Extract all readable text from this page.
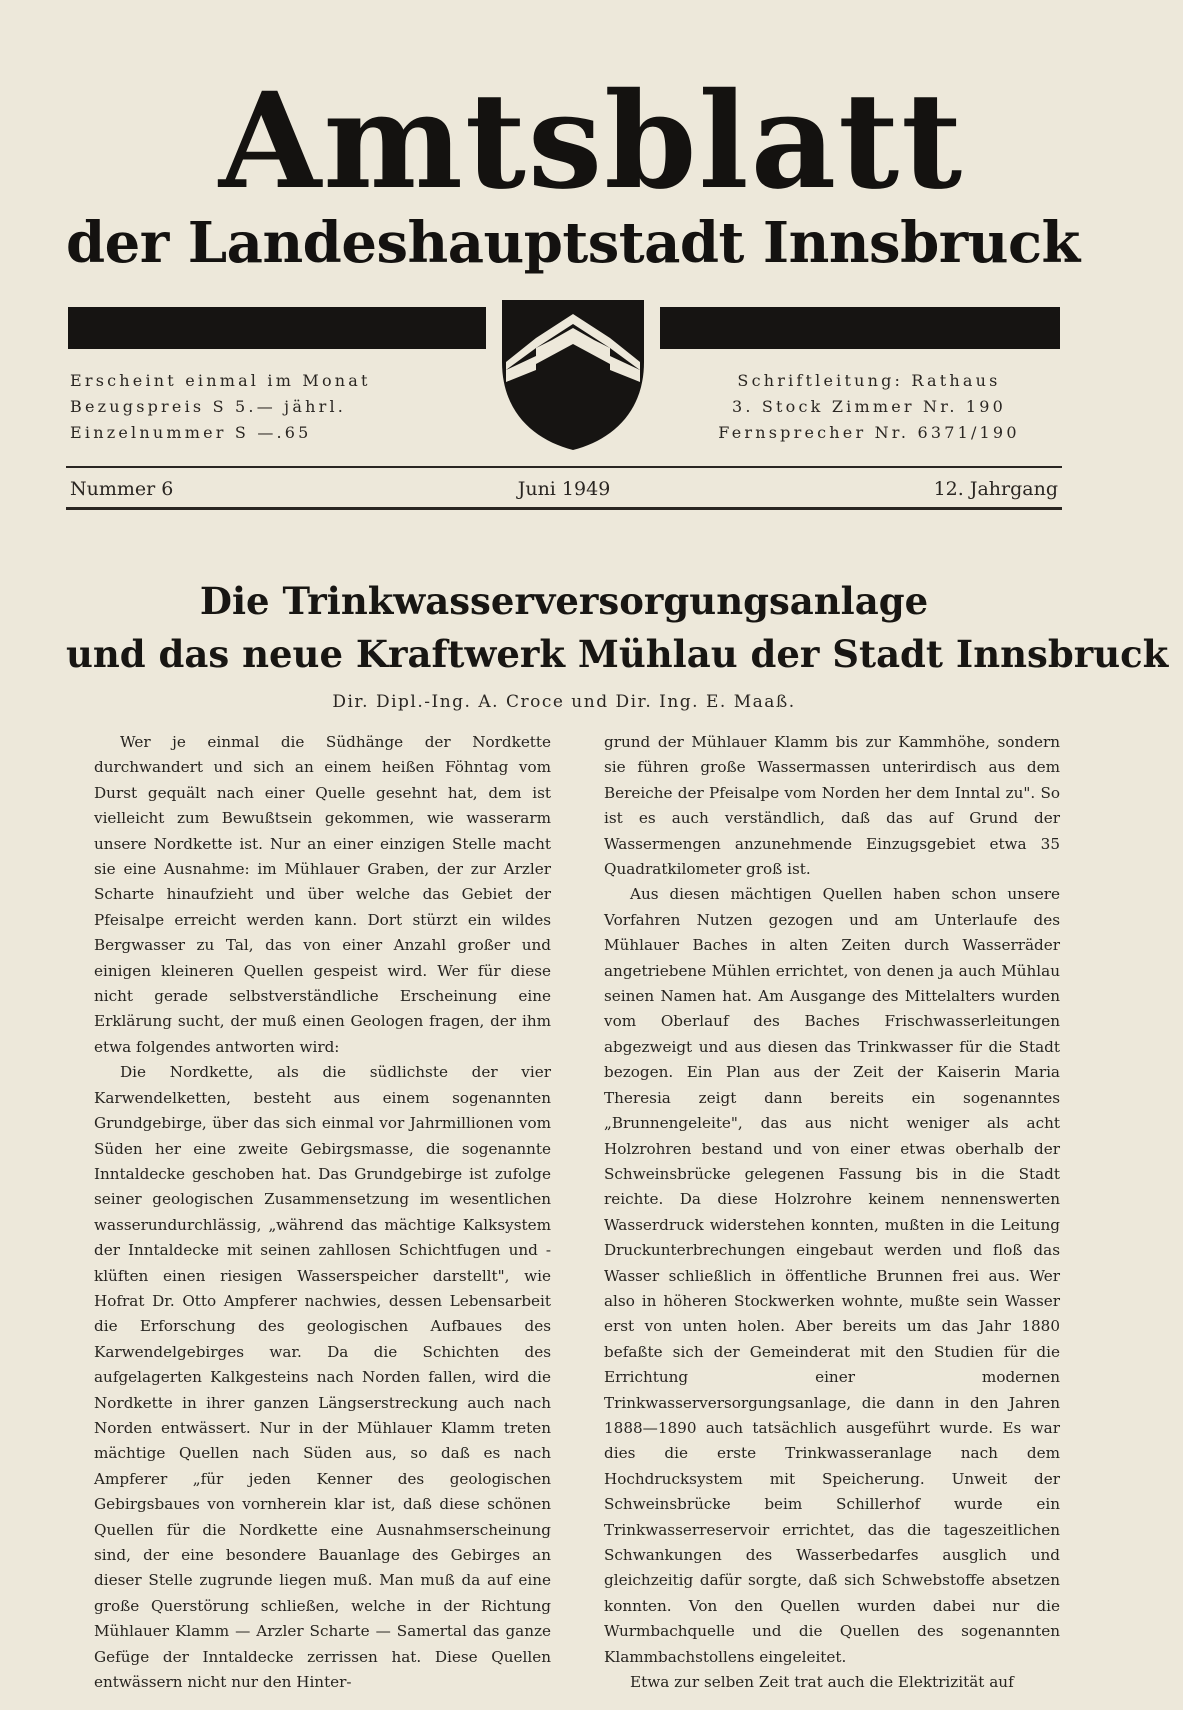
Amtsblatt
der Landeshauptstadt Innsbruck
Erscheint einmal im Monat
Bezugspreis S 5.— jährl.
Einzelnummer S —.65
Schriftleitung: Rathaus
3. Stock Zimmer Nr. 190
Fernsprecher Nr. 6371/190
Nummer 6	Juni 1949	12. Jahrgang
Die Trinkwasserversorgungsanlage
und das neue Kraftwerk Mühlau der Stadt Innsbruck
Dir. Dipl.-Ing. A. Croce und Dir. Ing. E. Maaß.

Wer je einmal die Südhänge der Nordkette durchwandert und sich an einem heißen Föhntag vom Durst gequält nach einer Quelle gesehnt hat, dem ist vielleicht zum Bewußtsein gekommen, wie wasserarm unsere Nordkette ist. Nur an einer einzigen Stelle macht sie eine Ausnahme: im Mühlauer Graben, der zur Arzler Scharte hinaufzieht und über welche das Gebiet der Pfeisalpe erreicht werden kann. Dort stürzt ein wildes Bergwasser zu Tal, das von einer Anzahl großer und einigen kleineren Quellen gespeist wird. Wer für diese nicht gerade selbstverständliche Erscheinung eine Erklärung sucht, der muß einen Geologen fragen, der ihm etwa folgendes antworten wird:

Die Nordkette, als die südlichste der vier Karwendelketten, besteht aus einem sogenannten Grundgebirge, über das sich einmal vor Jahrmillionen vom Süden her eine zweite Gebirgsmasse, die sogenannte Inntaldecke geschoben hat. Das Grundgebirge ist zufolge seiner geologischen Zusammensetzung im wesentlichen wasserundurchlässig, „während das mächtige Kalksystem der Inntaldecke mit seinen zahllosen Schichtfugen und -klüften einen riesigen Wasserspeicher darstellt", wie Hofrat Dr. Otto Ampferer nachwies, dessen Lebensarbeit die Erforschung des geologischen Aufbaues des Karwendelgebirges war. Da die Schichten des aufgelagerten Kalkgesteins nach Norden fallen, wird die Nordkette in ihrer ganzen Längserstreckung auch nach Norden entwässert. Nur in der Mühlauer Klamm treten mächtige Quellen nach Süden aus, so daß es nach Ampferer „für jeden Kenner des geologischen Gebirgsbaues von vornherein klar ist, daß diese schönen Quellen für die Nordkette eine Ausnahmserscheinung sind, der eine besondere Bauanlage des Gebirges an dieser Stelle zugrunde liegen muß. Man muß da auf eine große Querstörung schließen, welche in der Richtung Mühlauer Klamm — Arzler Scharte — Samertal das ganze Gefüge der Inntaldecke zerrissen hat. Diese Quellen entwässern nicht nur den Hinter-

grund der Mühlauer Klamm bis zur Kammhöhe, sondern sie führen große Wassermassen unterirdisch aus dem Bereiche der Pfeisalpe vom Norden her dem Inntal zu". So ist es auch verständlich, daß das auf Grund der Wassermengen anzunehmende Einzugsgebiet etwa 35 Quadratkilometer groß ist.

Aus diesen mächtigen Quellen haben schon unsere Vorfahren Nutzen gezogen und am Unterlaufe des Mühlauer Baches in alten Zeiten durch Wasserräder angetriebene Mühlen errichtet, von denen ja auch Mühlau seinen Namen hat. Am Ausgange des Mittelalters wurden vom Oberlauf des Baches Frischwasserleitungen abgezweigt und aus diesen das Trinkwasser für die Stadt bezogen. Ein Plan aus der Zeit der Kaiserin Maria Theresia zeigt dann bereits ein sogenanntes „Brunnengeleite", das aus nicht weniger als acht Holzrohren bestand und von einer etwas oberhalb der Schweinsbrücke gelegenen Fassung bis in die Stadt reichte. Da diese Holzrohre keinem nennenswerten Wasserdruck widerstehen konnten, mußten in die Leitung Druckunterbrechungen eingebaut werden und floß das Wasser schließlich in öffentliche Brunnen frei aus. Wer also in höheren Stockwerken wohnte, mußte sein Wasser erst von unten holen. Aber bereits um das Jahr 1880 befaßte sich der Gemeinderat mit den Studien für die Errichtung einer modernen Trinkwasserversorgungsanlage, die dann in den Jahren 1888—1890 auch tatsächlich ausgeführt wurde. Es war dies die erste Trinkwasseranlage nach dem Hochdrucksystem mit Speicherung. Unweit der Schweinsbrücke beim Schillerhof wurde ein Trinkwasserreservoir errichtet, das die tageszeitlichen Schwankungen des Wasserbedarfes ausglich und gleichzeitig dafür sorgte, daß sich Schwebstoffe absetzen konnten. Von den Quellen wurden dabei nur die Wurmbachquelle und die Quellen des sogenannten Klammbachstollens eingeleitet.

Etwa zur selben Zeit trat auch die Elektrizität auf
